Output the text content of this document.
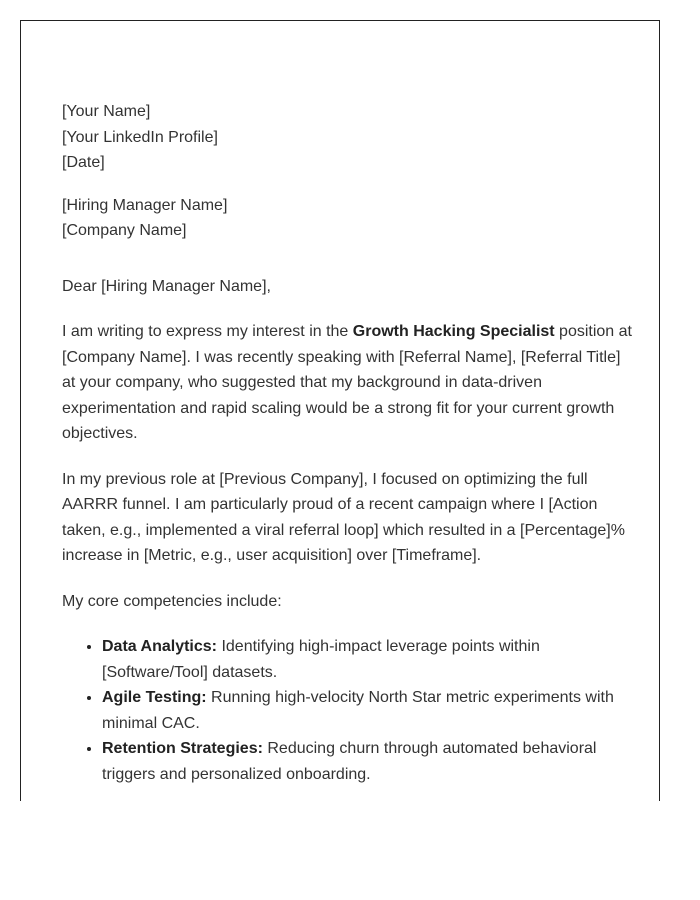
[Your Name]
[Your LinkedIn Profile]
[Date]
[Hiring Manager Name]
[Company Name]

Dear [Hiring Manager Name],

I am writing to express my interest in the Growth Hacking Specialist position at [Company Name]. I was recently speaking with [Referral Name], [Referral Title] at your company, who suggested that my background in data-driven experimentation and rapid scaling would be a strong fit for your current growth objectives.

In my previous role at [Previous Company], I focused on optimizing the full AARRR funnel. I am particularly proud of a recent campaign where I [Action taken, e.g., implemented a viral referral loop] which resulted in a [Percentage]% increase in [Metric, e.g., user acquisition] over [Timeframe].

My core competencies include:

• Data Analytics: Identifying high-impact leverage points within [Software/Tool] datasets.
• Agile Testing: Running high-velocity North Star metric experiments with minimal CAC.
• Retention Strategies: Reducing churn through automated behavioral triggers and personalized onboarding.
